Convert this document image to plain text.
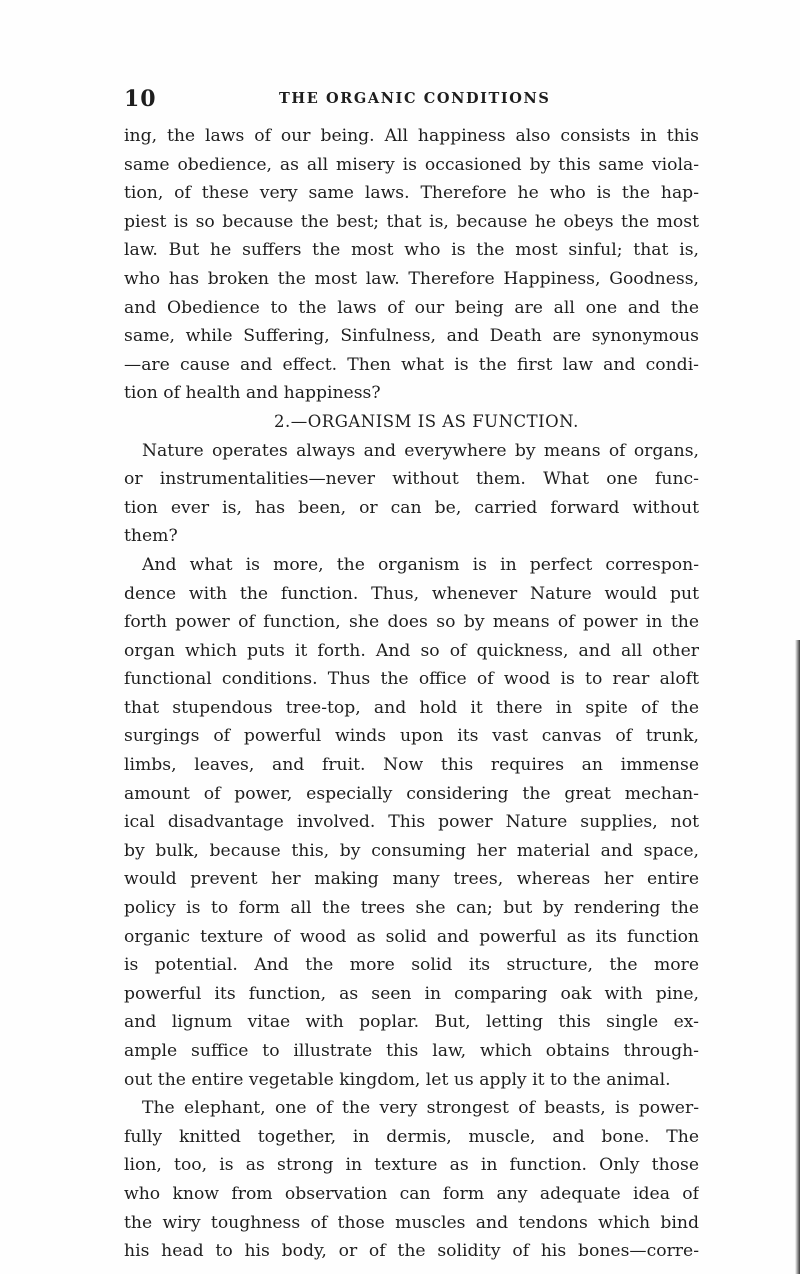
10	THE ORGANIC CONDITIONS
ing, the laws of our being. All happiness also consists in this
same obedience, as all misery is occasioned by this same viola-
tion, of these very same laws. Therefore he who is the hap-
piest is so because the best; that is, because he obeys the most
law. But he suffers the most who is the most sinful; that is,
who has broken the most law. Therefore Happiness, Goodness,
and Obedience to the laws of our being are all one and the
same, while Suffering, Sinfulness, and Death are synonymous
—are cause and effect. Then what is the first law and condi-
tion of health and happiness?
2.—ORGANISM IS AS FUNCTION.
Nature operates always and everywhere by means of organs,
or instrumentalities—never without them. What one func-
tion ever is, has been, or can be, carried forward without
them?
And what is more, the organism is in perfect correspon-
dence with the function. Thus, whenever Nature would put
forth power of function, she does so by means of power in the
organ which puts it forth. And so of quickness, and all other
functional conditions. Thus the office of wood is to rear aloft
that stupendous tree-top, and hold it there in spite of the
surgings of powerful winds upon its vast canvas of trunk,
limbs, leaves, and fruit. Now this requires an immense
amount of power, especially considering the great mechan-
ical disadvantage involved. This power Nature supplies, not
by bulk, because this, by consuming her material and space,
would prevent her making many trees, whereas her entire
policy is to form all the trees she can; but by rendering the
organic texture of wood as solid and powerful as its function
is potential. And the more solid its structure, the more
powerful its function, as seen in comparing oak with pine,
and lignum vitae with poplar. But, letting this single ex-
ample suffice to illustrate this law, which obtains through-
out the entire vegetable kingdom, let us apply it to the animal.
The elephant, one of the very strongest of beasts, is power-
fully knitted together, in dermis, muscle, and bone. The
lion, too, is as strong in texture as in function. Only those
who know from observation can form any adequate idea of
the wiry toughness of those muscles and tendons which bind
his head to his body, or of the solidity of his bones—corre-
